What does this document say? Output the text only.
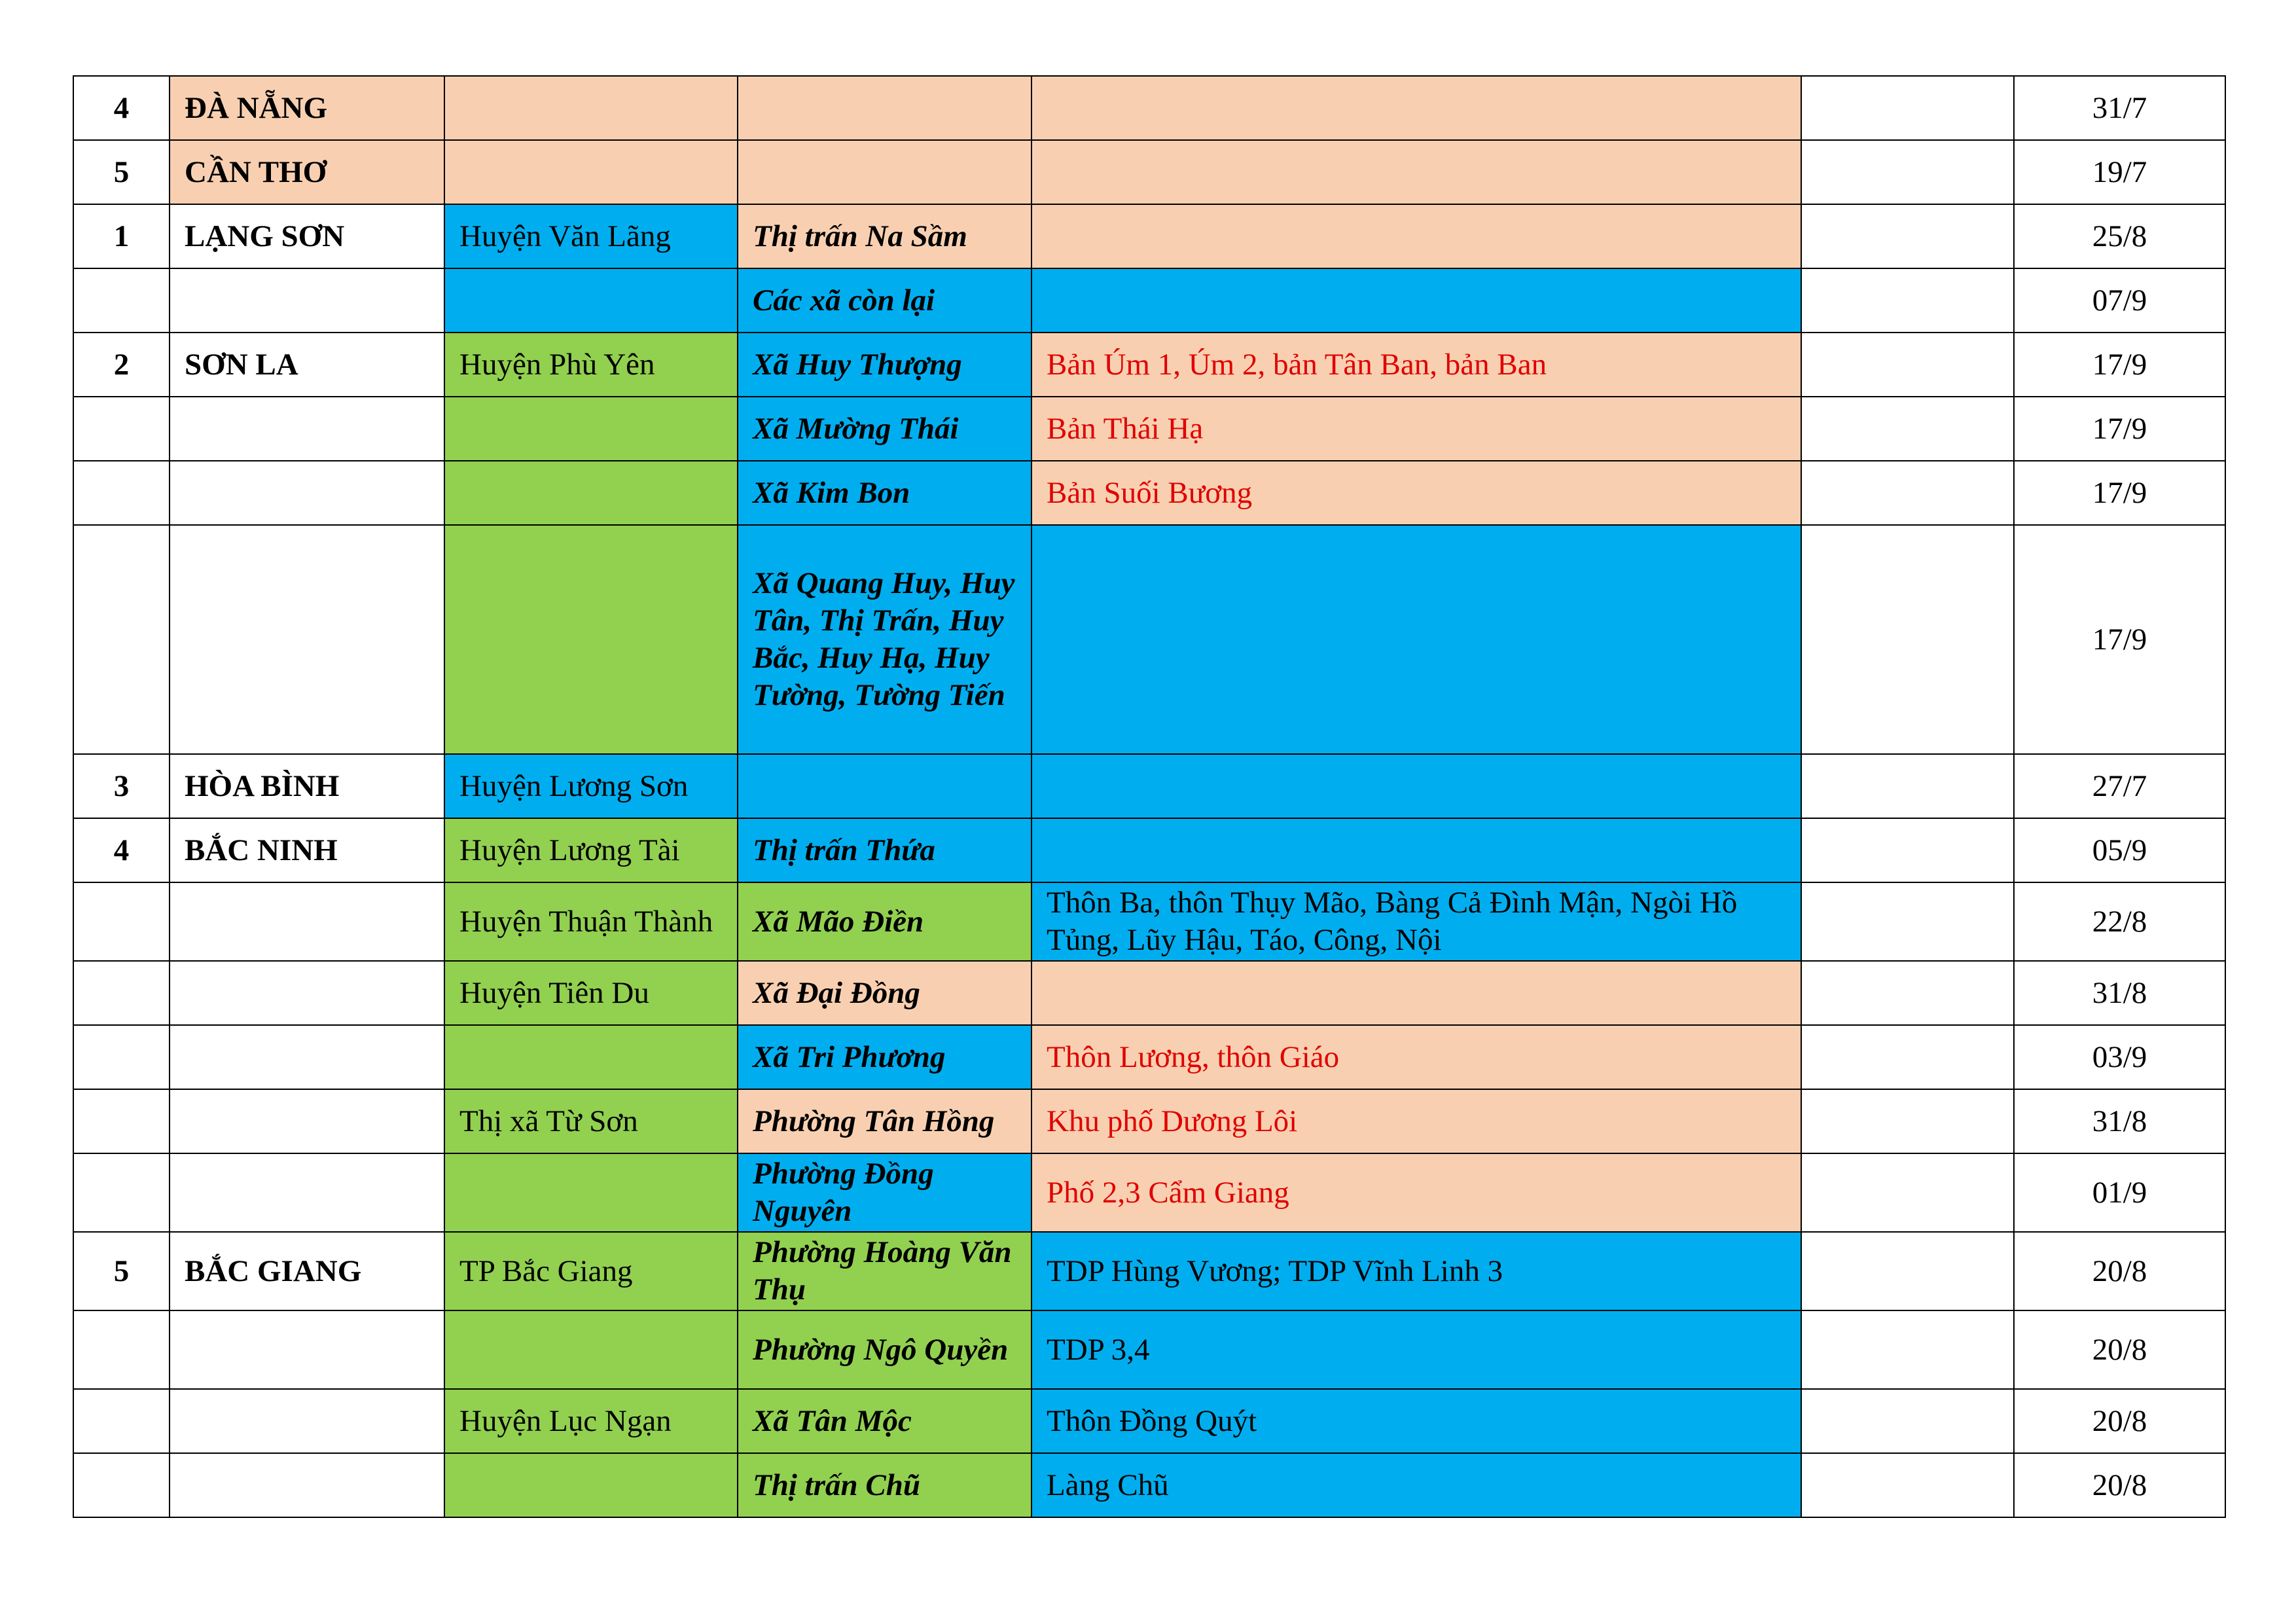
4	ĐÀ NẴNG					31/7
5	CẦN THƠ					19/7
1	LẠNG SƠN	Huyện Văn Lãng	Thị trấn Na Sầm			25/8
			Các xã còn lại			07/9
2	SƠN LA	Huyện Phù Yên	Xã Huy Thượng	Bản Úm 1, Úm 2, bản Tân Ban, bản Ban		17/9
			Xã Mường Thái	Bản Thái Hạ		17/9
			Xã Kim Bon	Bản Suối Bương		17/9
			Xã Quang Huy, Huy Tân, Thị Trấn, Huy Bắc, Huy Hạ, Huy Tường, Tường Tiến			17/9
3	HÒA BÌNH	Huyện Lương Sơn				27/7
4	BẮC NINH	Huyện Lương Tài	Thị trấn Thứa			05/9
		Huyện Thuận Thành	Xã Mão Điền	Thôn Ba, thôn Thụy Mão, Bàng Cả Đình Mận, Ngòi Hồ Tủng, Lũy Hậu, Táo, Công, Nội		22/8
		Huyện Tiên Du	Xã Đại Đồng			31/8
			Xã Tri Phương	Thôn Lương, thôn Giáo		03/9
		Thị xã Từ Sơn	Phường Tân Hồng	Khu phố Dương Lôi		31/8
			Phường Đồng Nguyên	Phố 2,3 Cẩm Giang		01/9
5	BẮC GIANG	TP Bắc Giang	Phường Hoàng Văn Thụ	TDP Hùng Vương; TDP Vĩnh Linh 3		20/8
			Phường Ngô Quyền	TDP 3,4		20/8
		Huyện Lục Ngạn	Xã Tân Mộc	Thôn Đồng Quýt		20/8
			Thị trấn Chũ	Làng Chũ		20/8
